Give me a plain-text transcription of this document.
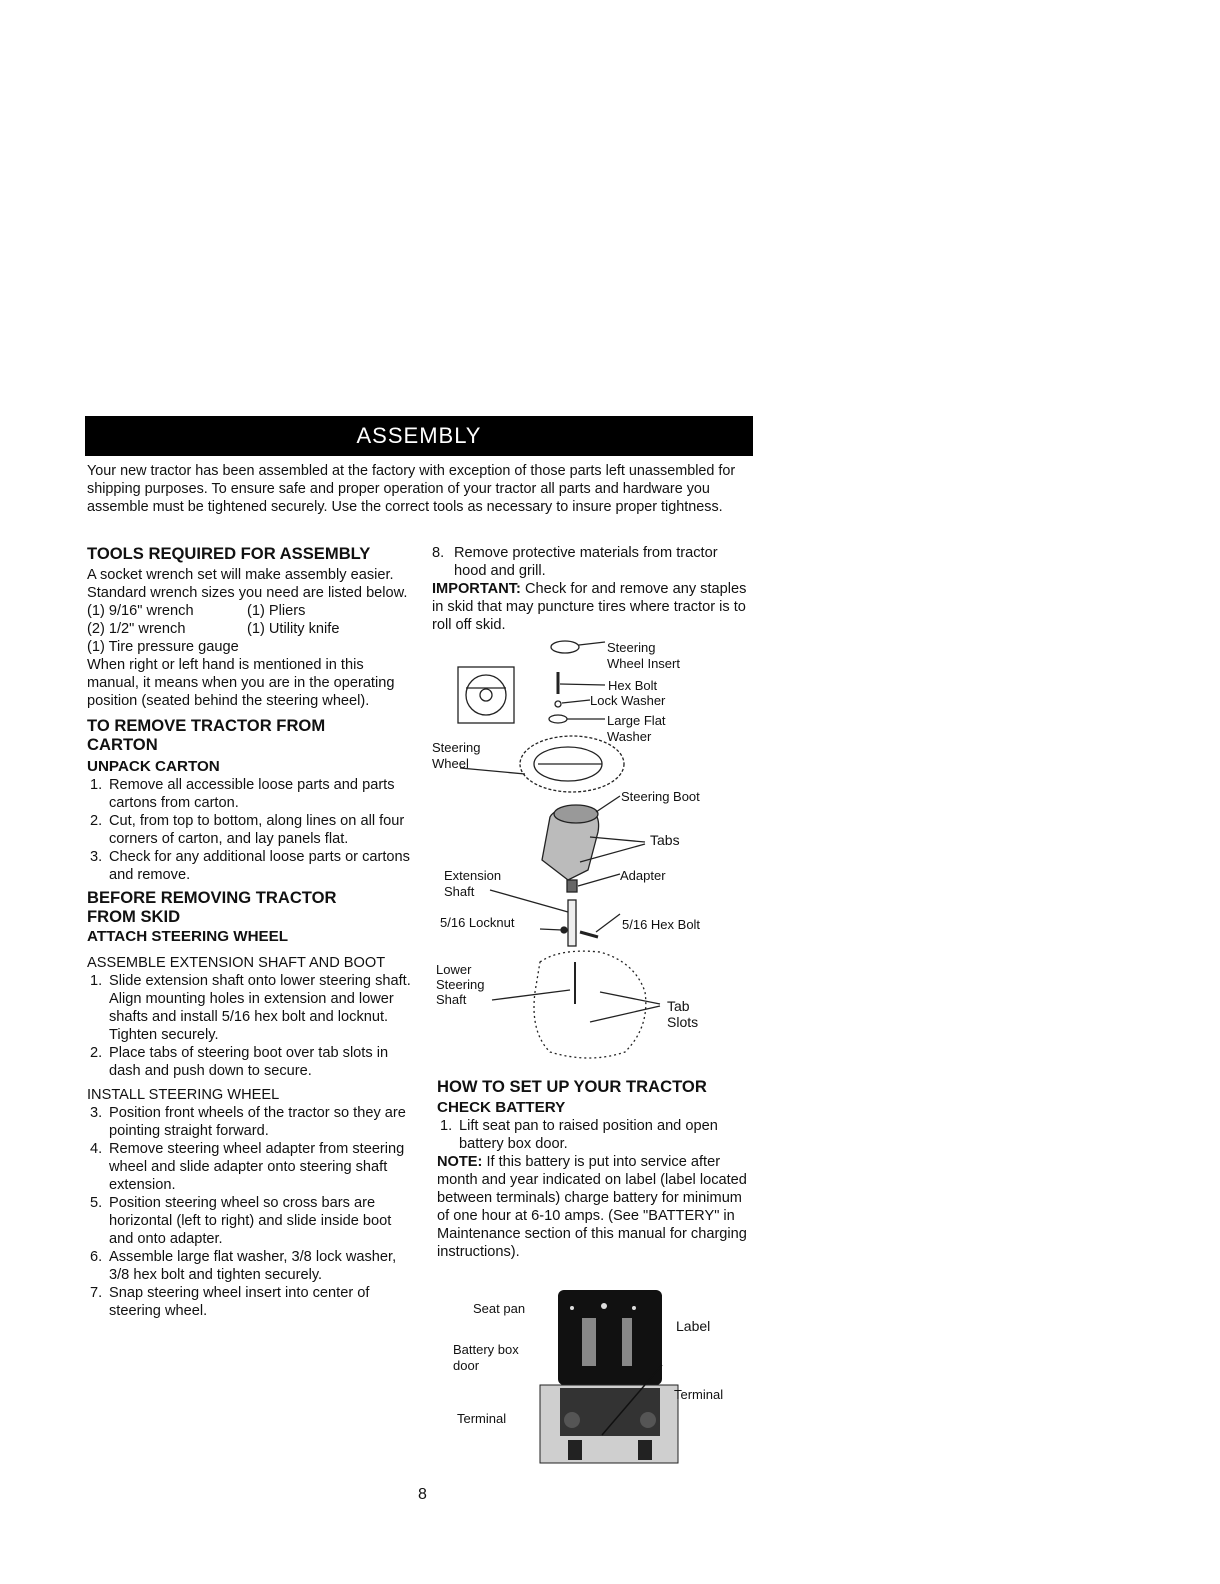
ASSEMBLY
Your new tractor has been assembled at the factory with exception of those parts left unassembled for shipping purposes. To ensure safe and proper operation of your tractor all parts and hardware you assemble must be tightened securely. Use the correct tools as necessary to insure proper tightness.

TOOLS REQUIRED FOR ASSEMBLY

A socket wrench set will make assembly easier. Standard wrench sizes you need are listed below.

(1) 9/16" wrench	(1) Pliers
(2) 1/2" wrench	(1) Utility knife

(1) Tire pressure gauge

When right or left hand is mentioned in this manual, it means when you are in the operating position (seated behind the steering wheel).

TO REMOVE TRACTOR FROM CARTON

UNPACK CARTON

1. Remove all accessible loose parts and parts cartons from carton.
2. Cut, from top to bottom, along lines on all four corners of carton, and lay panels flat.
3. Check for any additional loose parts or cartons and remove.

BEFORE REMOVING TRACTOR FROM SKID

ATTACH STEERING WHEEL

ASSEMBLE EXTENSION SHAFT AND BOOT

1. Slide extension shaft onto lower steering shaft. Align mounting holes in extension and lower shafts and install 5/16 hex bolt and locknut. Tighten securely.
2. Place tabs of steering boot over tab slots in dash and push down to secure.

INSTALL STEERING WHEEL

3. Position front wheels of the tractor so they are pointing straight forward.
4. Remove steering wheel adapter from steering wheel and slide adapter onto steering shaft extension.
5. Position steering wheel so cross bars are horizontal (left to right) and slide inside boot and onto adapter.
6. Assemble large flat washer, 3/8 lock washer, 3/8 hex bolt and tighten securely.
7. Snap steering wheel insert into center of steering wheel.
8. Remove protective materials from tractor hood and grill.

IMPORTANT: Check for and remove any staples in skid that may puncture tires where tractor is to roll off skid.

Steering
Wheel Insert
Hex Bolt
Lock Washer
Large Flat
Washer
Steering
Wheel
Steering Boot
Tabs
Extension
Shaft
Adapter
5/16 Locknut	5/16 Hex Bolt
Lower
Steering
Shaft	Tab
Slots

HOW TO SET UP YOUR TRACTOR

CHECK BATTERY

1. Lift seat pan to raised position and open battery box door.

NOTE: If this battery is put into service after month and year indicated on label (label located between terminals) charge battery for minimum of one hour at 6-10 amps. (See "BATTERY" in Maintenance section of this manual for charging instructions).

Seat pan
Label
Battery box
door
Terminal
Terminal
8
